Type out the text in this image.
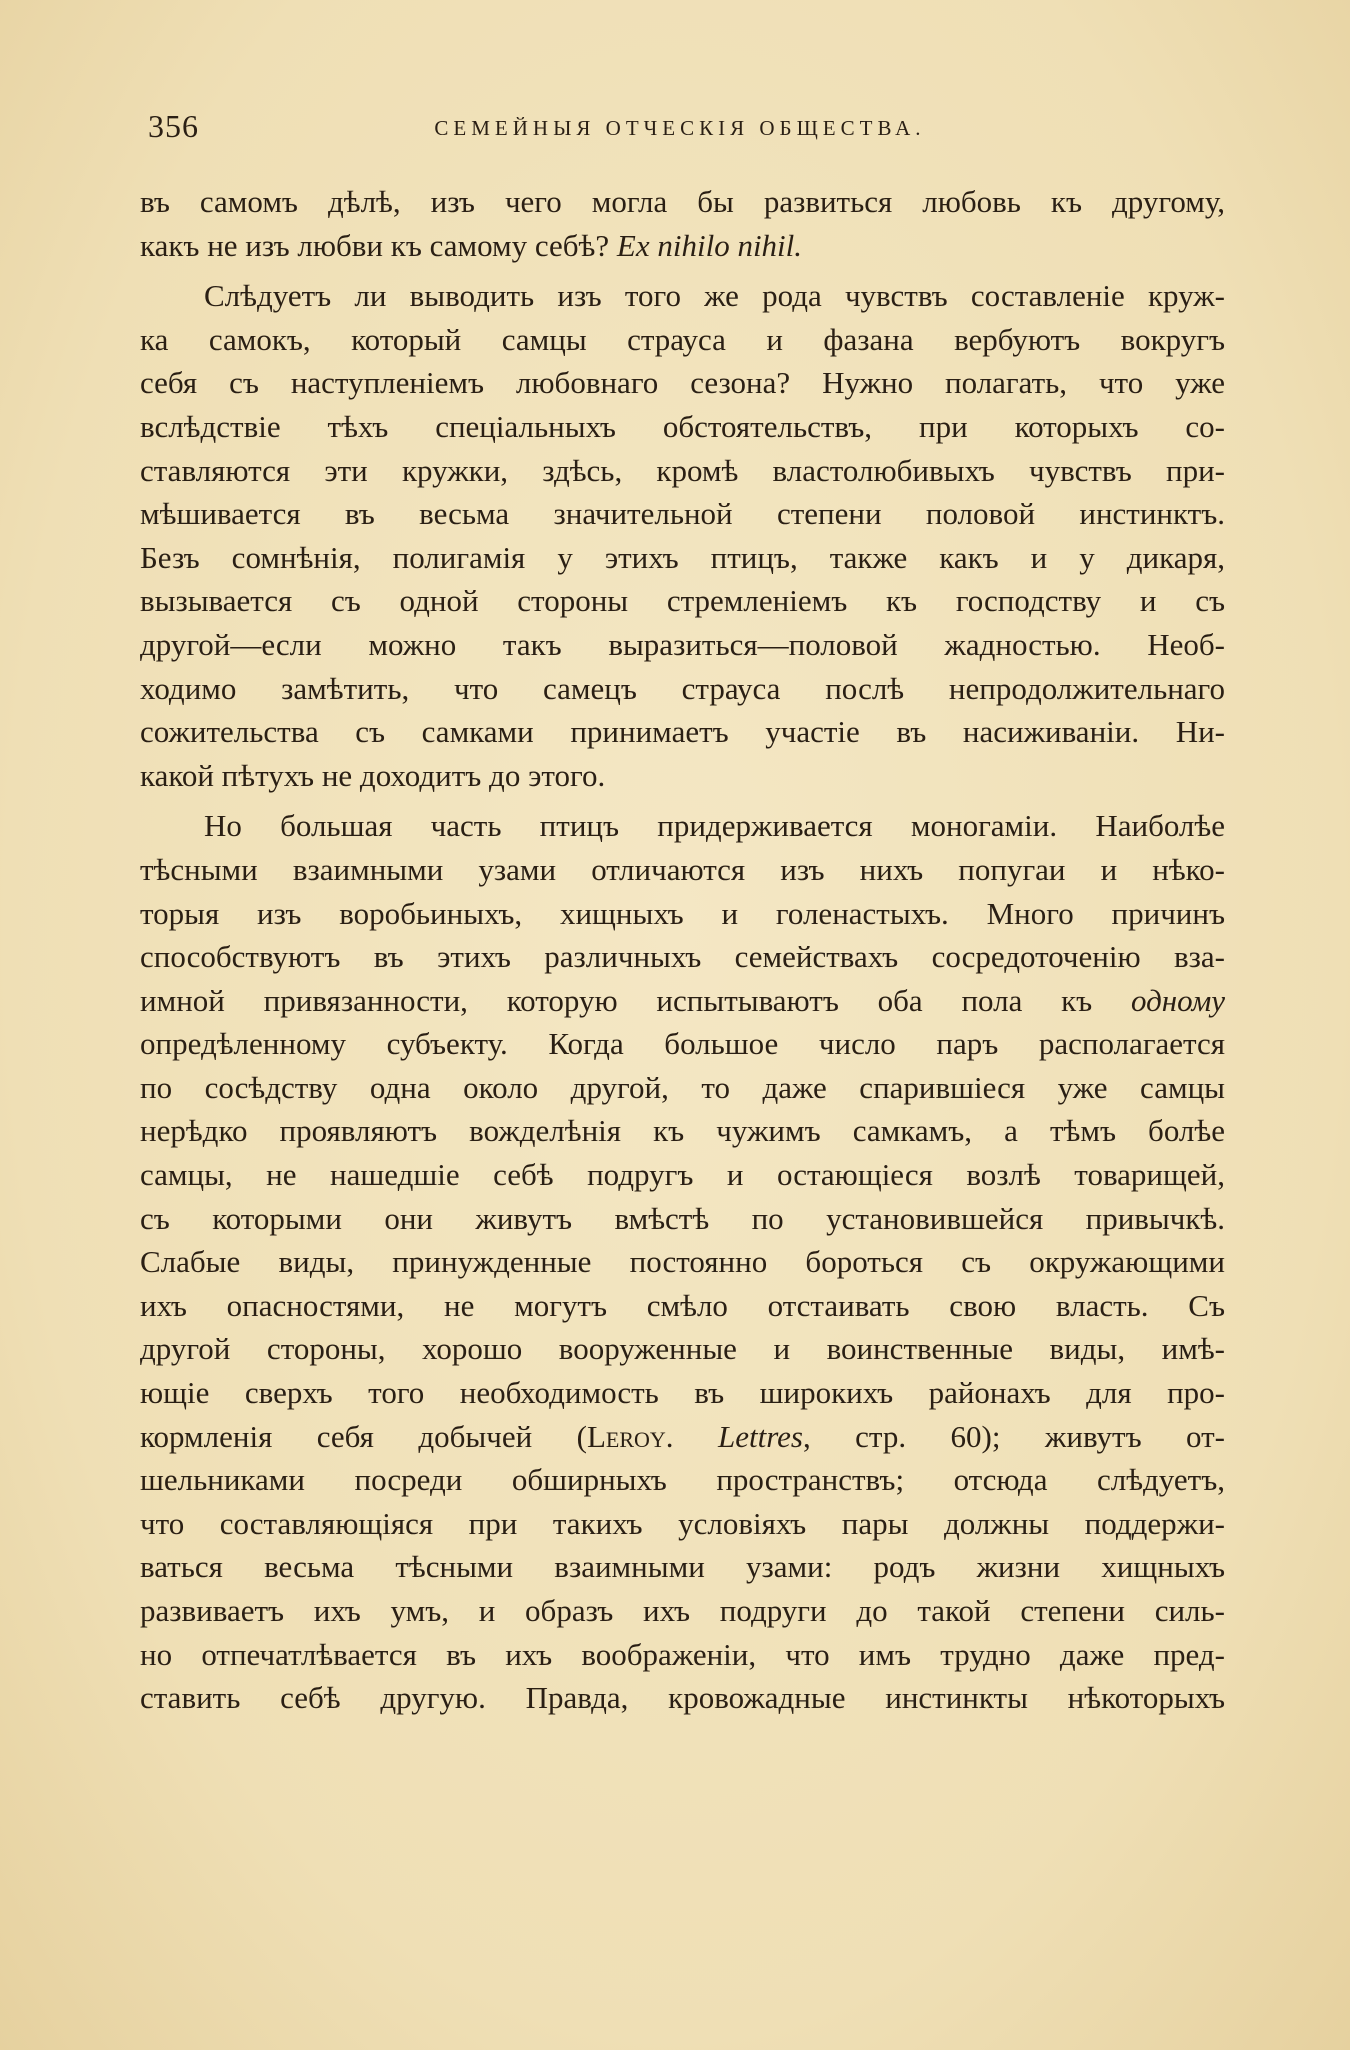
356	СЕМЕЙНЫЯ ОТЧЕСКІЯ ОБЩЕСТВА.
въ самомъ дѣлѣ, изъ чего могла бы развиться любовь къ другому,
какъ не изъ любви къ самому себѣ? Ex nihilo nihil.
Слѣдуетъ ли выводить изъ того же рода чувствъ составленіе круж-
ка самокъ, который самцы страуса и фазана вербуютъ вокругъ
себя съ наступленіемъ любовнаго сезона? Нужно полагать, что уже
вслѣдствіе тѣхъ спеціальныхъ обстоятельствъ, при которыхъ со-
ставляются эти кружки, здѣсь, кромѣ властолюбивыхъ чувствъ при-
мѣшивается въ весьма значительной степени половой инстинктъ.
Безъ сомнѣнія, полигамія у этихъ птицъ, также какъ и у дикаря,
вызывается съ одной стороны стремленіемъ къ господству и съ
другой—если можно такъ выразиться—половой жадностью. Необ-
ходимо замѣтить, что самецъ страуса послѣ непродолжительнаго
сожительства съ самками принимаетъ участіе въ насиживаніи. Ни-
какой пѣтухъ не доходитъ до этого.
Но большая часть птицъ придерживается моногаміи. Наиболѣе
тѣсными взаимными узами отличаются изъ нихъ попугаи и нѣко-
торыя изъ воробьиныхъ, хищныхъ и голенастыхъ. Много причинъ
способствуютъ въ этихъ различныхъ семействахъ сосредоточенію вза-
имной привязанности, которую испытываютъ оба пола къ одному
опредѣленному субъекту. Когда большое число паръ располагается
по сосѣдству одна около другой, то даже спарившіеся уже самцы
нерѣдко проявляютъ вожделѣнія къ чужимъ самкамъ, а тѣмъ болѣе
самцы, не нашедшіе себѣ подругъ и остающіеся возлѣ товарищей,
съ которыми они живутъ вмѣстѣ по установившейся привычкѣ.
Слабые виды, принужденные постоянно бороться съ окружающими
ихъ опасностями, не могутъ смѣло отстаивать свою власть. Съ
другой стороны, хорошо вооруженные и воинственные виды, имѣ-
ющіе сверхъ того необходимость въ широкихъ районахъ для про-
кормленія себя добычей (Leroy. Lettres, стр. 60); живутъ от-
шельниками посреди обширныхъ пространствъ; отсюда слѣдуетъ,
что составляющіяся при такихъ условіяхъ пары должны поддержи-
ваться весьма тѣсными взаимными узами: родъ жизни хищныхъ
развиваетъ ихъ умъ, и образъ ихъ подруги до такой степени силь-
но отпечатлѣвается въ ихъ воображеніи, что имъ трудно даже пред-
ставить себѣ другую. Правда, кровожадные инстинкты нѣкоторыхъ
